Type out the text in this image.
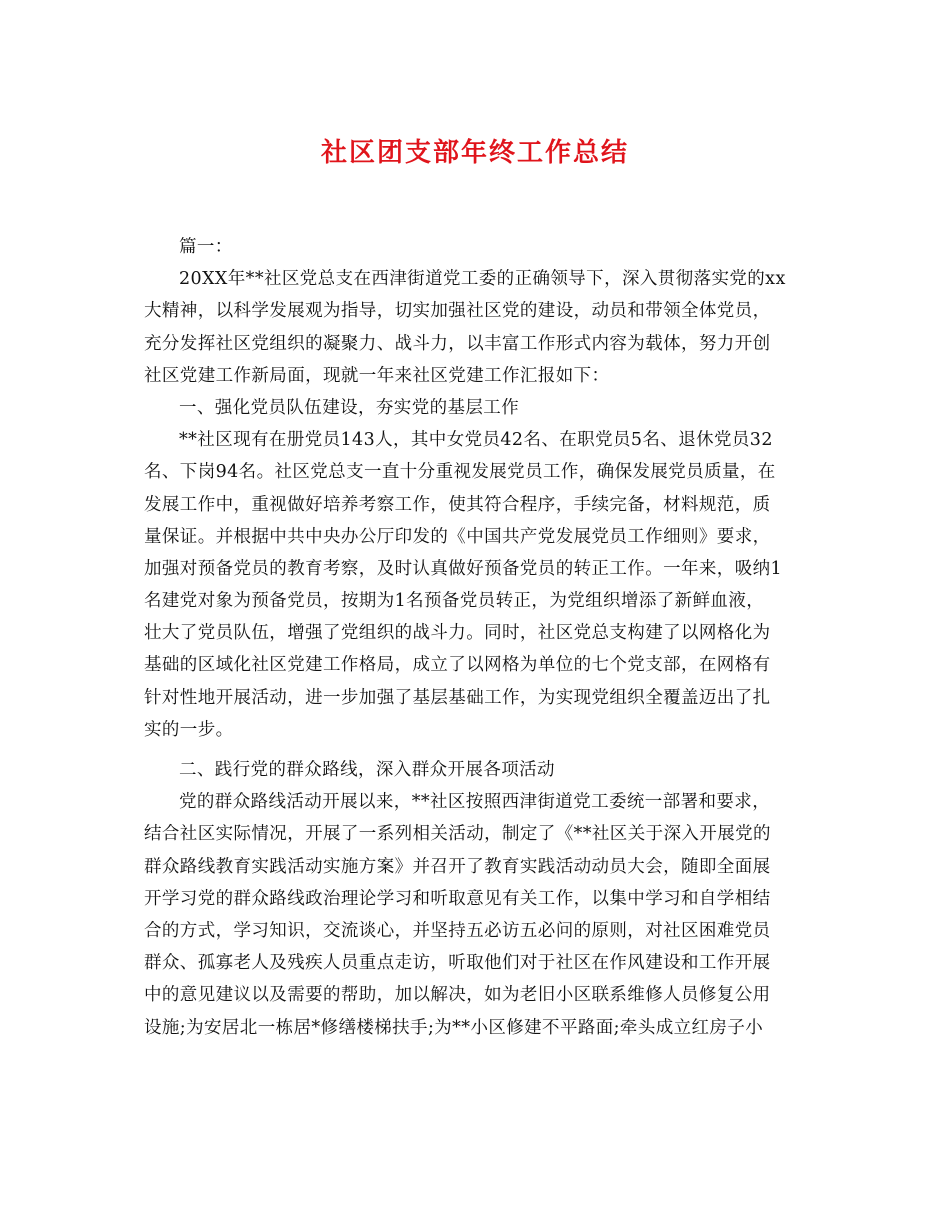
社区团支部年终工作总结
篇一：
20XX年**社区党总支在西津街道党工委的正确领导下，深入贯彻落实党的xx
大精神，以科学发展观为指导，切实加强社区党的建设，动员和带领全体党员，
充分发挥社区党组织的凝聚力、战斗力，以丰富工作形式内容为载体，努力开创
社区党建工作新局面，现就一年来社区党建工作汇报如下：
一、强化党员队伍建设，夯实党的基层工作
**社区现有在册党员143人，其中女党员42名、在职党员5名、退休党员32
名、下岗94名。社区党总支一直十分重视发展党员工作，确保发展党员质量，在
发展工作中，重视做好培养考察工作，使其符合程序，手续完备，材料规范，质
量保证。并根据中共中央办公厅印发的《中国共产党发展党员工作细则》要求，
加强对预备党员的教育考察，及时认真做好预备党员的转正工作。一年来，吸纳1
名建党对象为预备党员，按期为1名预备党员转正，为党组织增添了新鲜血液，
壮大了党员队伍，增强了党组织的战斗力。同时，社区党总支构建了以网格化为
基础的区域化社区党建工作格局，成立了以网格为单位的七个党支部，在网格有
针对性地开展活动，进一步加强了基层基础工作，为实现党组织全覆盖迈出了扎
实的一步。
二、践行党的群众路线，深入群众开展各项活动
党的群众路线活动开展以来，**社区按照西津街道党工委统一部署和要求，
结合社区实际情况，开展了一系列相关活动，制定了《**社区关于深入开展党的
群众路线教育实践活动实施方案》并召开了教育实践活动动员大会，随即全面展
开学习党的群众路线政治理论学习和听取意见有关工作，以集中学习和自学相结
合的方式，学习知识，交流谈心，并坚持五必访五必问的原则，对社区困难党员
群众、孤寡老人及残疾人员重点走访，听取他们对于社区在作风建设和工作开展
中的意见建议以及需要的帮助，加以解决，如为老旧小区联系维修人员修复公用
设施;为安居北一栋居*修缮楼梯扶手;为**小区修建不平路面;牵头成立红房子小
